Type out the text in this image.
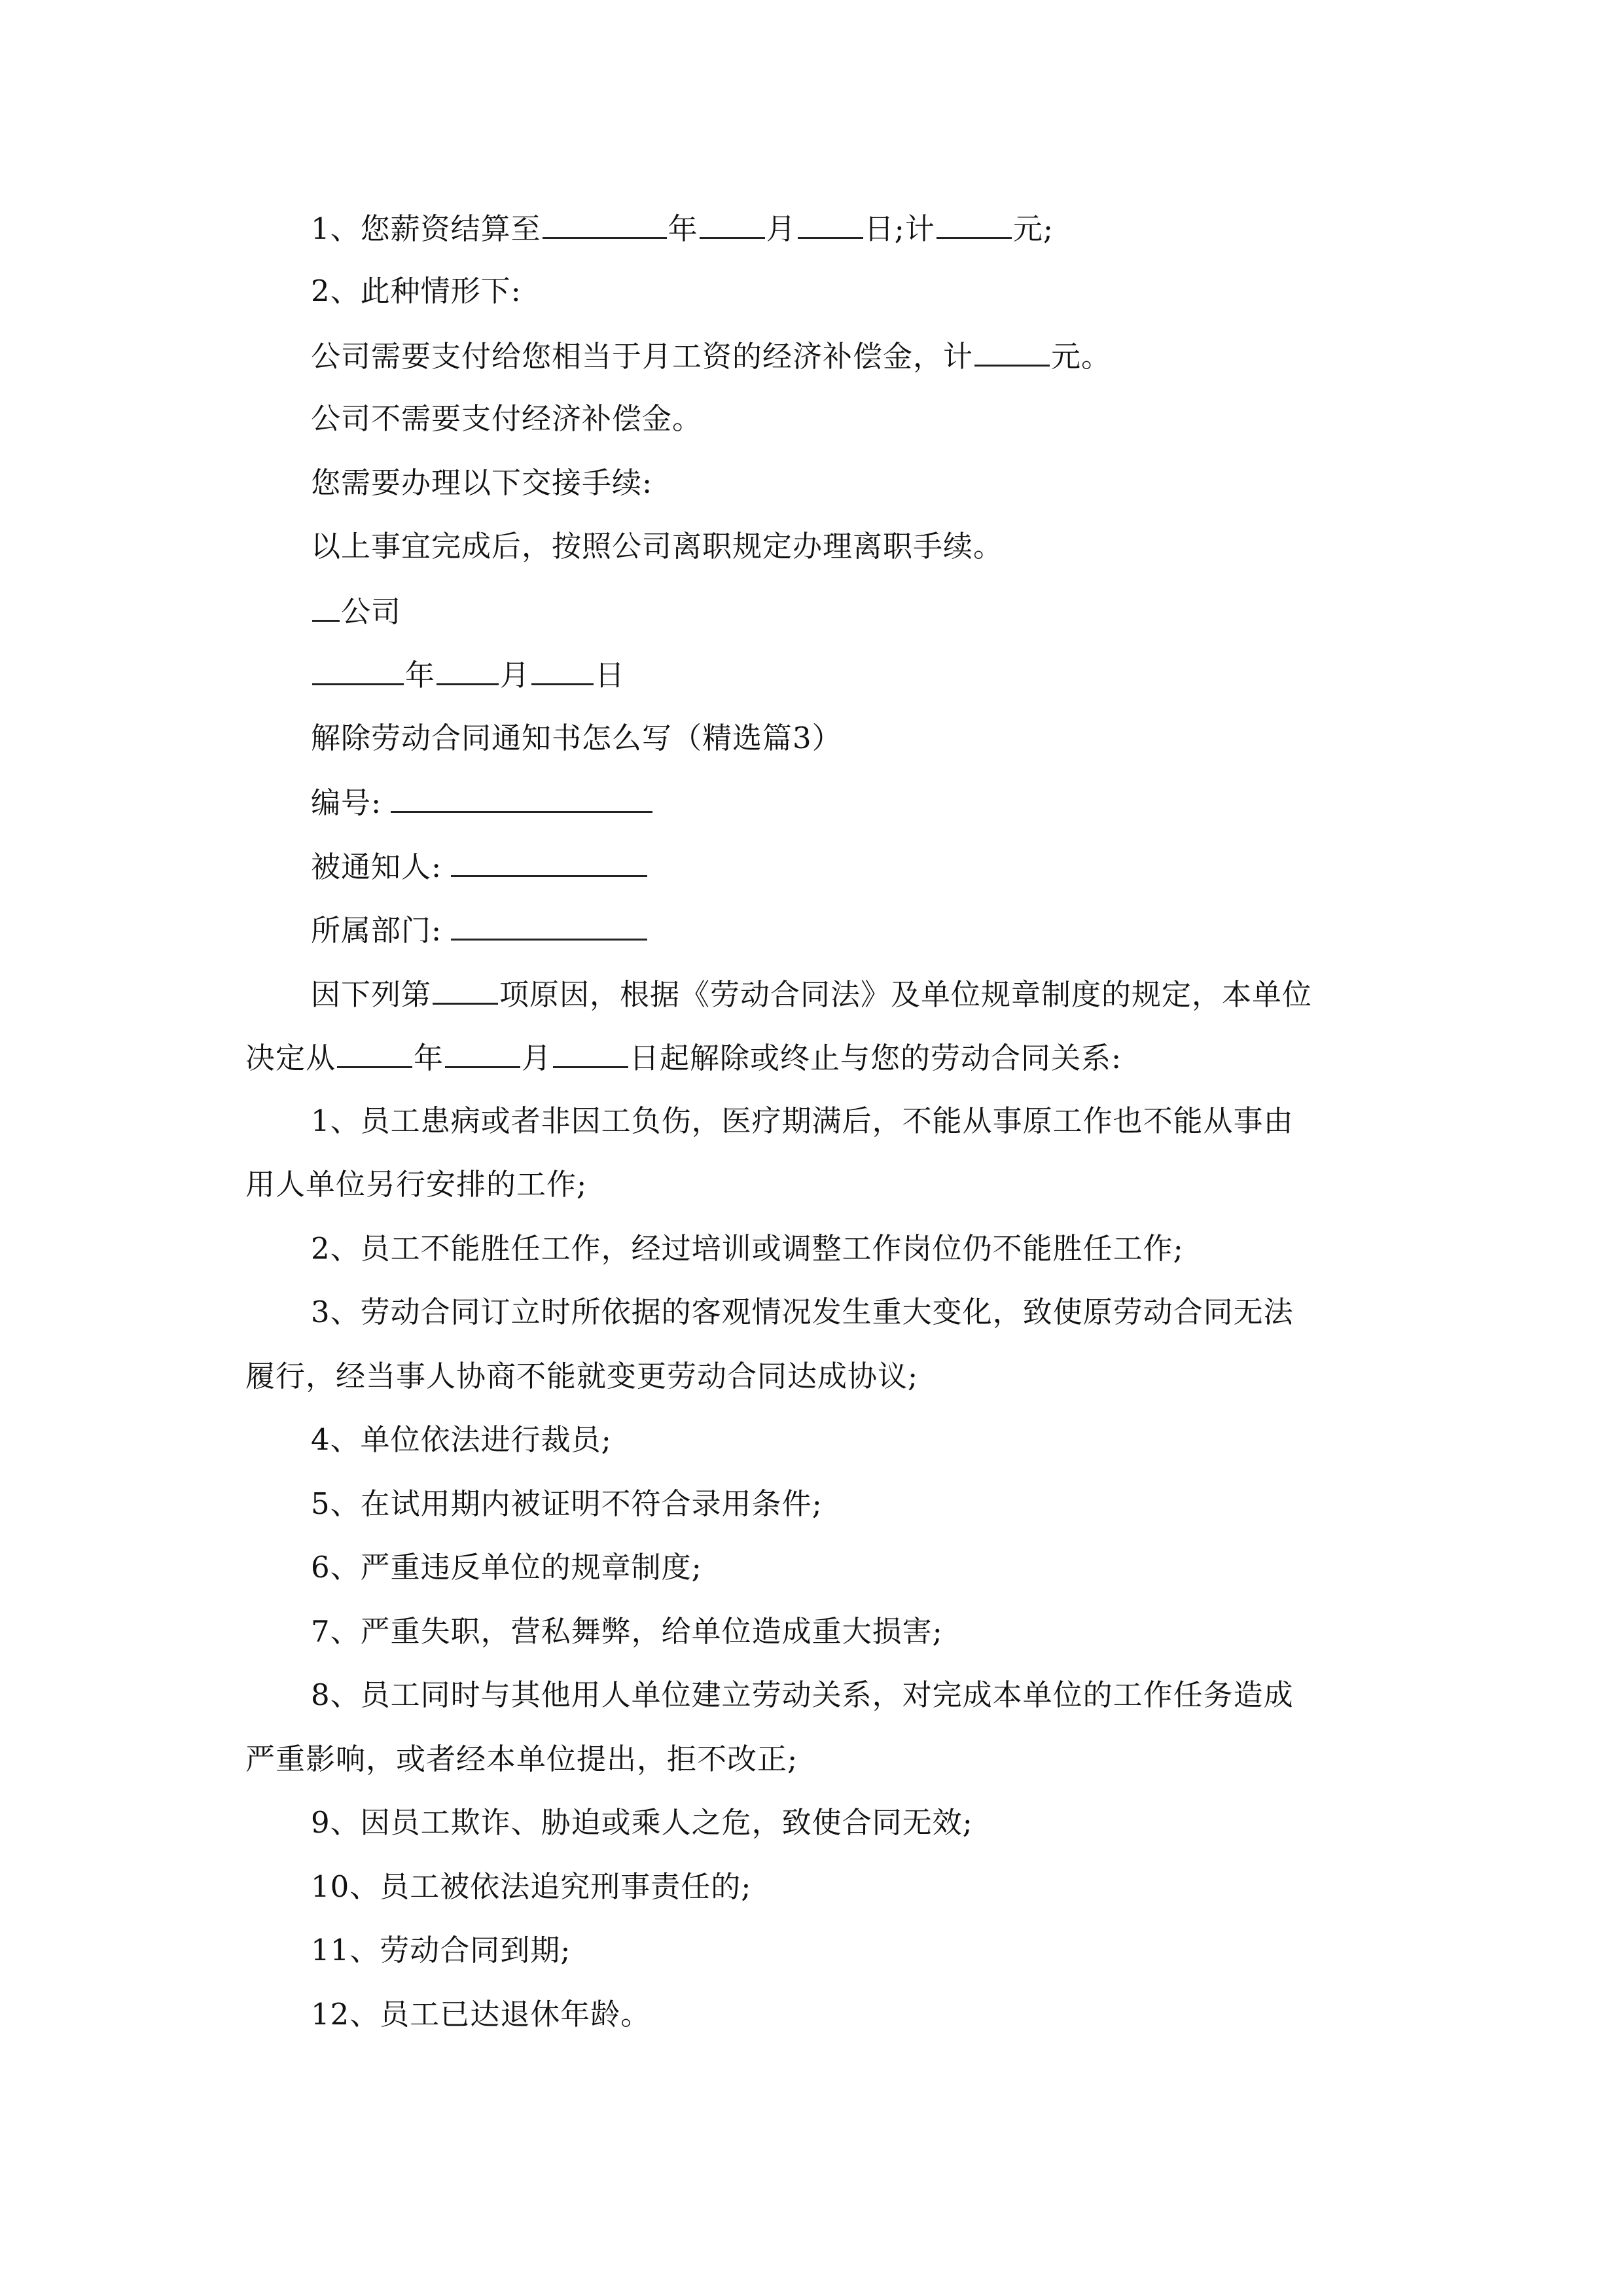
1、您薪资结算至	年 月 日;计	元;
2、此种情形下:
公司需要支付给您相当于月工资的经济补偿金，计	元。
公司不需要支付经济补偿金。
您需要办理以下交接手续:
以上事宜完成后，按照公司离职规定办理离职手续。
公司
年 月 日
解除劳动合同通知书怎么写（精选篇3）
编号:
被通知人:
所属部门:
因下列第 项原因，根据《劳动合同法》及单位规章制度的规定，本单位
决定从	年	月	日起解除或终止与您的劳动合同关系:
1、员工患病或者非因工负伤，医疗期满后，不能从事原工作也不能从事由
用人单位另行安排的工作;
2、员工不能胜任工作，经过培训或调整工作岗位仍不能胜任工作;
3、劳动合同订立时所依据的客观情况发生重大变化，致使原劳动合同无法
履行，经当事人协商不能就变更劳动合同达成协议;
4、单位依法进行裁员;
5、在试用期内被证明不符合录用条件;
6、严重违反单位的规章制度;
7、严重失职，营私舞弊，给单位造成重大损害;
8、员工同时与其他用人单位建立劳动关系，对完成本单位的工作任务造成
严重影响，或者经本单位提出，拒不改正;
9、因员工欺诈、胁迫或乘人之危，致使合同无效;
10、员工被依法追究刑事责任的;
11、劳动合同到期;
12、员工已达退休年龄。
